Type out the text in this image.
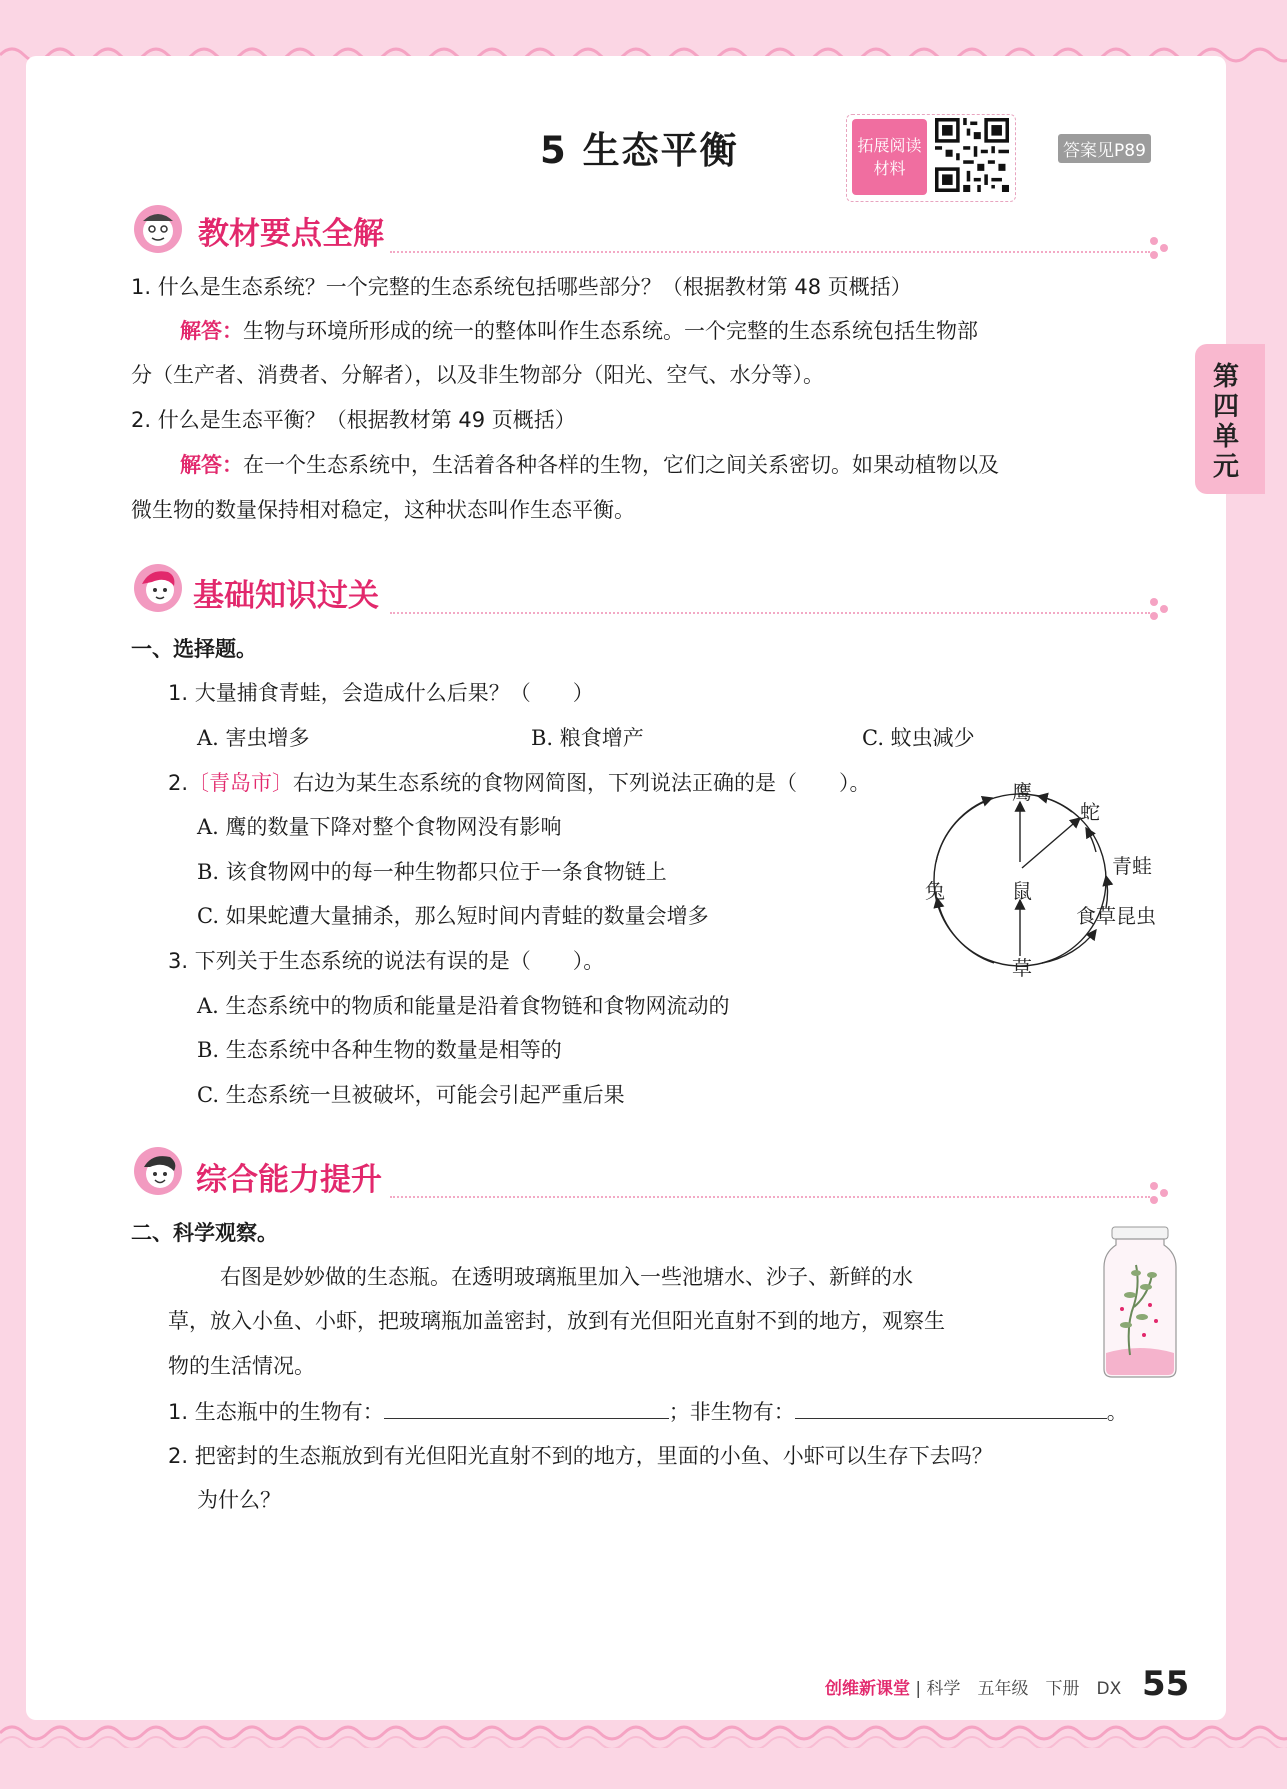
第四单元
5 生态平衡	拓展阅读
材料
答案见P89
教材要点全解
1. 什么是生态系统？一个完整的生态系统包括哪些部分？（根据教材第 48 页概括）
解答：生物与环境所形成的统一的整体叫作生态系统。一个完整的生态系统包括生物部
分（生产者、消费者、分解者），以及非生物部分（阳光、空气、水分等）。
2. 什么是生态平衡？（根据教材第 49 页概括）
解答：在一个生态系统中，生活着各种各样的生物，它们之间关系密切。如果动植物以及
微生物的数量保持相对稳定，这种状态叫作生态平衡。
基础知识过关
一、选择题。
1. 大量捕食青蛙，会造成什么后果？（　　）
A. 害虫增多	B. 粮食增产	C. 蚊虫减少
2.〔青岛市〕右边为某生态系统的食物网简图，下列说法正确的是（　　）。
A. 鹰的数量下降对整个食物网没有影响
B. 该食物网中的每一种生物都只位于一条食物链上
C. 如果蛇遭大量捕杀，那么短时间内青蛙的数量会增多
3. 下列关于生态系统的说法有误的是（　　）。
A. 生态系统中的物质和能量是沿着食物链和食物网流动的
B. 生态系统中各种生物的数量是相等的
C. 生态系统一旦被破坏，可能会引起严重后果
鹰
蛇
青蛙
食草昆虫
草
鼠
兔
综合能力提升
二、科学观察。
右图是妙妙做的生态瓶。在透明玻璃瓶里加入一些池塘水、沙子、新鲜的水
草，放入小鱼、小虾，把玻璃瓶加盖密封，放到有光但阳光直射不到的地方，观察生
物的生活情况。
1. 生态瓶中的生物有：	；非生物有：	。
2. 把密封的生态瓶放到有光但阳光直射不到的地方，里面的小鱼、小虾可以生存下去吗？
为什么？
创维新课堂 | 科学　五年级　下册　DX 55
